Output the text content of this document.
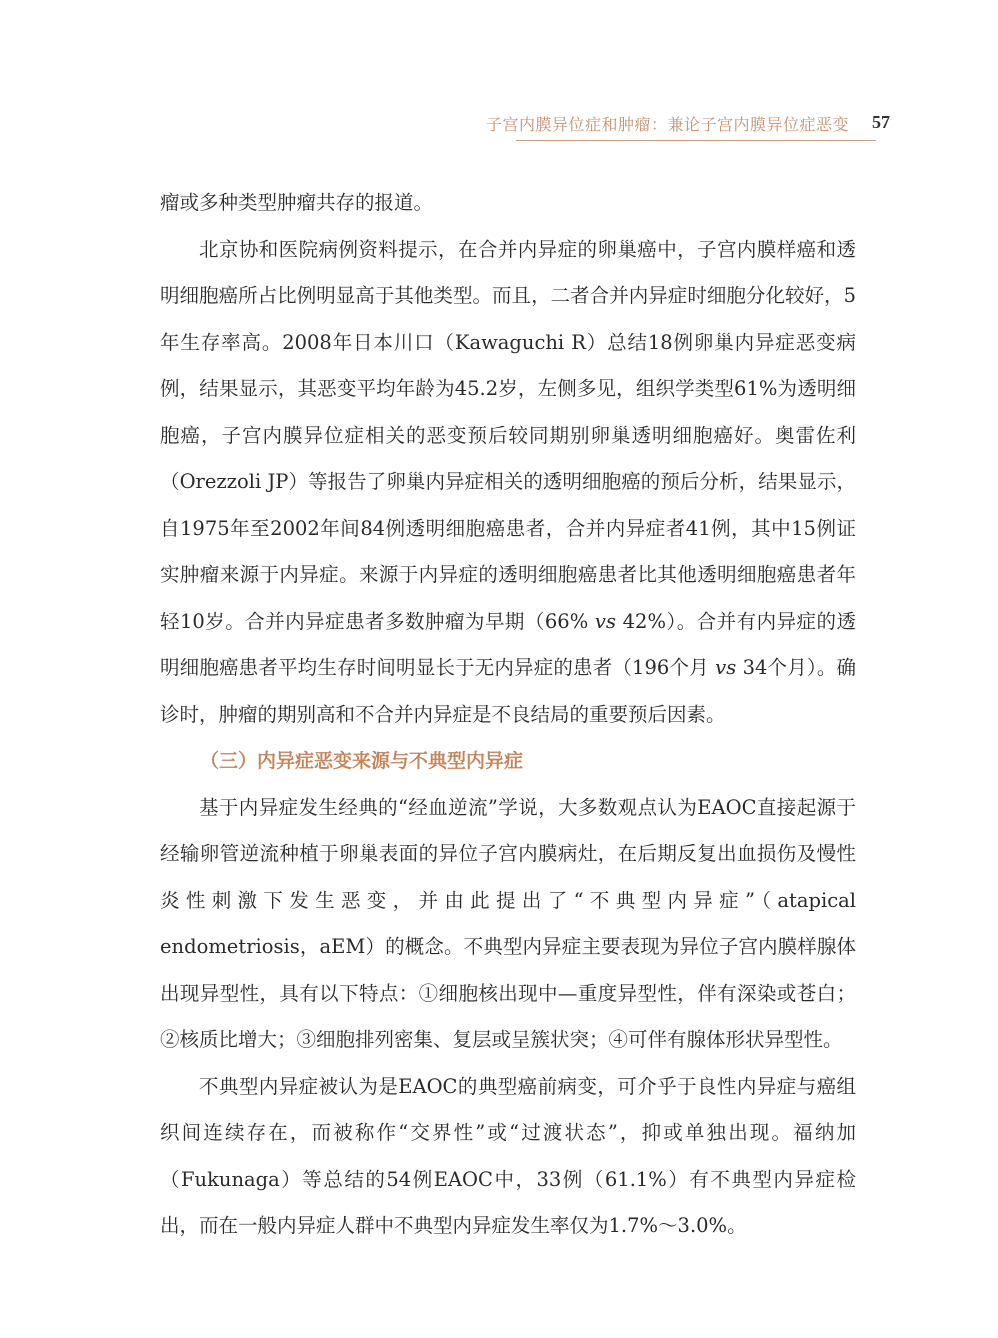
子宫内膜异位症和肿瘤：兼论子宫内膜异位症恶变 57

瘤或多种类型肿瘤共存的报道。

北京协和医院病例资料提示，在合并内异症的卵巢癌中，子宫内膜样癌和透明细胞癌所占比例明显高于其他类型。而且，二者合并内异症时细胞分化较好，5年生存率高。2008年日本川口（Kawaguchi R）总结18例卵巢内异症恶变病例，结果显示，其恶变平均年龄为45.2岁，左侧多见，组织学类型61%为透明细胞癌，子宫内膜异位症相关的恶变预后较同期别卵巢透明细胞癌好。奥雷佐利（Orezzoli JP）等报告了卵巢内异症相关的透明细胞癌的预后分析，结果显示，自1975年至2002年间84例透明细胞癌患者，合并内异症者41例，其中15例证实肿瘤来源于内异症。来源于内异症的透明细胞癌患者比其他透明细胞癌患者年轻10岁。合并内异症患者多数肿瘤为早期（66% vs 42%）。合并有内异症的透明细胞癌患者平均生存时间明显长于无内异症的患者（196个月 vs 34个月）。确诊时，肿瘤的期别高和不合并内异症是不良结局的重要预后因素。

（三）内异症恶变来源与不典型内异症

基于内异症发生经典的“经血逆流”学说，大多数观点认为EAOC直接起源于经输卵管逆流种植于卵巢表面的异位子宫内膜病灶，在后期反复出血损伤及慢性炎性刺激下发生恶变，并由此提出了“不典型内异症”（atapical endometriosis，aEM）的概念。不典型内异症主要表现为异位子宫内膜样腺体出现异型性，具有以下特点：①细胞核出现中—重度异型性，伴有深染或苍白；②核质比增大；③细胞排列密集、复层或呈簇状突；④可伴有腺体形状异型性。

不典型内异症被认为是EAOC的典型癌前病变，可介乎于良性内异症与癌组织间连续存在，而被称作“交界性”或“过渡状态”，抑或单独出现。福纳加（Fukunaga）等总结的54例EAOC中，33例（61.1%）有不典型内异症检出，而在一般内异症人群中不典型内异症发生率仅为1.7%～3.0%。
